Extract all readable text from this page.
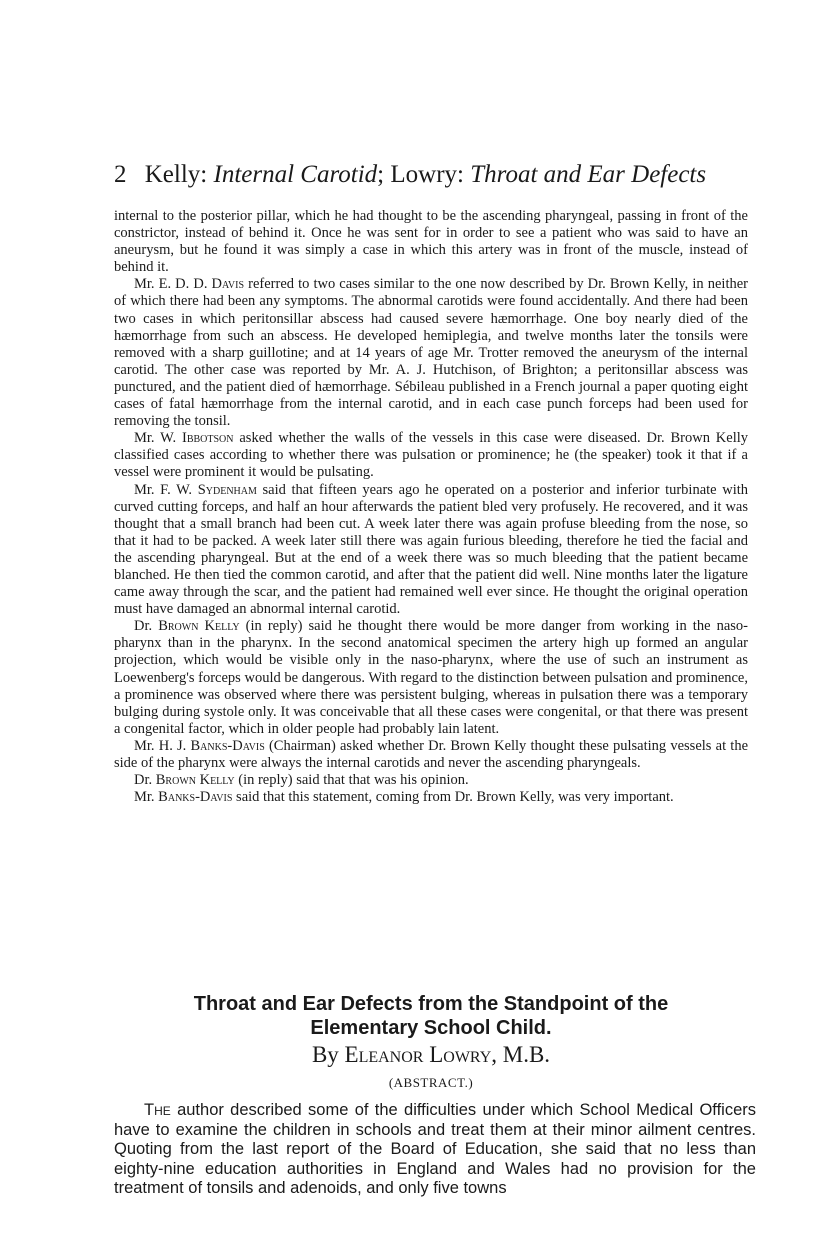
2 Kelly: Internal Carotid; Lowry: Throat and Ear Defects

internal to the posterior pillar, which he had thought to be the ascending pharyngeal, passing in front of the constrictor, instead of behind it. Once he was sent for in order to see a patient who was said to have an aneurysm, but he found it was simply a case in which this artery was in front of the muscle, instead of behind it.

Mr. E. D. D. Davis referred to two cases similar to the one now described by Dr. Brown Kelly, in neither of which there had been any symptoms. The abnormal carotids were found accidentally. And there had been two cases in which peritonsillar abscess had caused severe hæmorrhage. One boy nearly died of the hæmorrhage from such an abscess. He developed hemiplegia, and twelve months later the tonsils were removed with a sharp guillotine; and at 14 years of age Mr. Trotter removed the aneurysm of the internal carotid. The other case was reported by Mr. A. J. Hutchison, of Brighton; a peritonsillar abscess was punctured, and the patient died of hæmorrhage. Sébileau published in a French journal a paper quoting eight cases of fatal hæmorrhage from the internal carotid, and in each case punch forceps had been used for removing the tonsil.

Mr. W. Ibbotson asked whether the walls of the vessels in this case were diseased. Dr. Brown Kelly classified cases according to whether there was pulsation or prominence; he (the speaker) took it that if a vessel were prominent it would be pulsating.

Mr. F. W. Sydenham said that fifteen years ago he operated on a posterior and inferior turbinate with curved cutting forceps, and half an hour afterwards the patient bled very profusely. He recovered, and it was thought that a small branch had been cut. A week later there was again profuse bleeding from the nose, so that it had to be packed. A week later still there was again furious bleeding, therefore he tied the facial and the ascending pharyngeal. But at the end of a week there was so much bleeding that the patient became blanched. He then tied the common carotid, and after that the patient did well. Nine months later the ligature came away through the scar, and the patient had remained well ever since. He thought the original operation must have damaged an abnormal internal carotid.

Dr. Brown Kelly (in reply) said he thought there would be more danger from working in the naso-pharynx than in the pharynx. In the second anatomical specimen the artery high up formed an angular projection, which would be visible only in the naso-pharynx, where the use of such an instrument as Loewenberg's forceps would be dangerous. With regard to the distinction between pulsation and prominence, a prominence was observed where there was persistent bulging, whereas in pulsation there was a temporary bulging during systole only. It was conceivable that all these cases were congenital, or that there was present a congenital factor, which in older people had probably lain latent.

Mr. H. J. Banks-Davis (Chairman) asked whether Dr. Brown Kelly thought these pulsating vessels at the side of the pharynx were always the internal carotids and never the ascending pharyngeals.

Dr. Brown Kelly (in reply) said that that was his opinion.

Mr. Banks-Davis said that this statement, coming from Dr. Brown Kelly, was very important.

Throat and Ear Defects from the Standpoint of the
Elementary School Child.
By Eleanor Lowry, M.B.
(ABSTRACT.)

The author described some of the difficulties under which School Medical Officers have to examine the children in schools and treat them at their minor ailment centres. Quoting from the last report of the Board of Education, she said that no less than eighty-nine education authorities in England and Wales had no provision for the treatment of tonsils and adenoids, and only five towns
